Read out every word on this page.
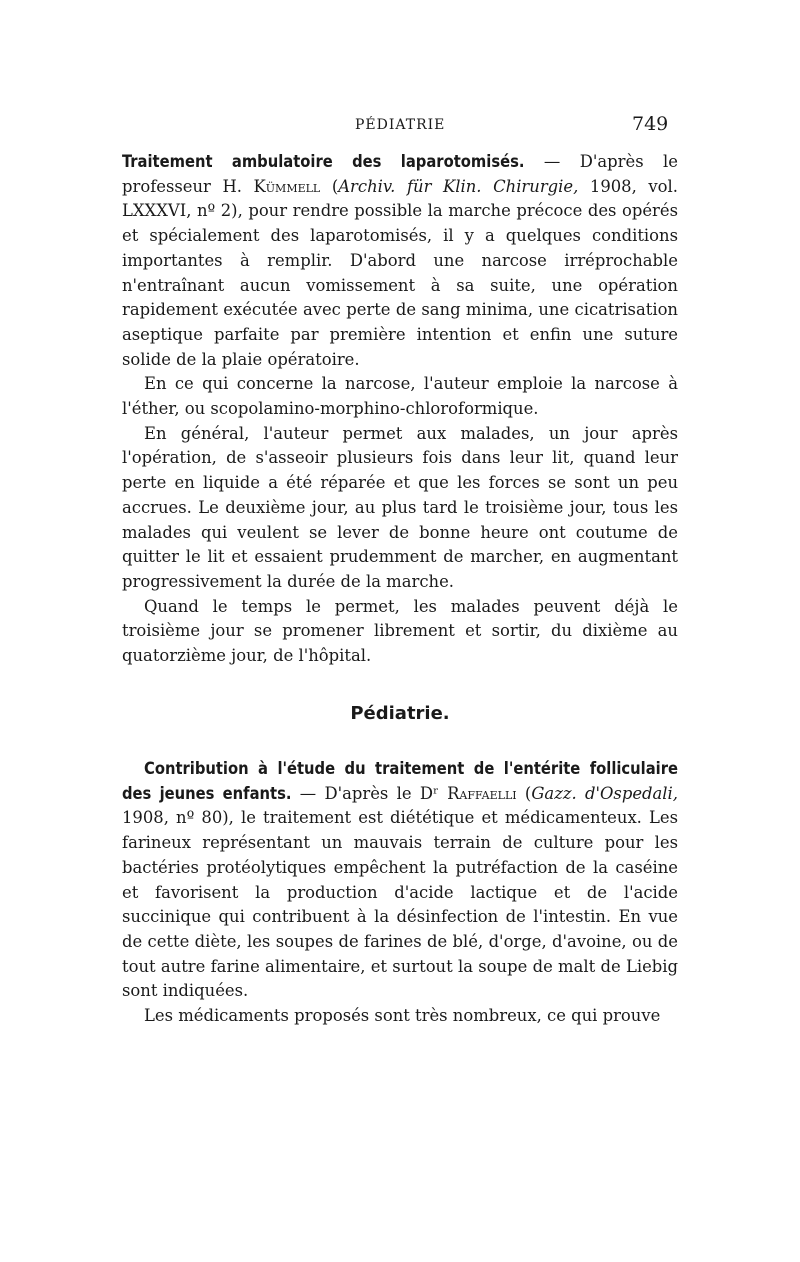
PÉDIATRIE	749

Traitement ambulatoire des laparotomisés. — D'après le professeur H. Kümmell (Archiv. für Klin. Chirurgie, 1908, vol. LXXXVI, nº 2), pour rendre possible la marche précoce des opérés et spécialement des laparotomisés, il y a quelques conditions importantes à remplir. D'abord une narcose irréprochable n'entraînant aucun vomissement à sa suite, une opération rapidement exécutée avec perte de sang minima, une cicatrisation aseptique parfaite par première intention et enfin une suture solide de la plaie opératoire.

En ce qui concerne la narcose, l'auteur emploie la narcose à l'éther, ou scopolamino-morphino-chloroformique.

En général, l'auteur permet aux malades, un jour après l'opération, de s'asseoir plusieurs fois dans leur lit, quand leur perte en liquide a été réparée et que les forces se sont un peu accrues. Le deuxième jour, au plus tard le troisième jour, tous les malades qui veulent se lever de bonne heure ont coutume de quitter le lit et essaient prudemment de marcher, en augmentant progressivement la durée de la marche.

Quand le temps le permet, les malades peuvent déjà le troisième jour se promener librement et sortir, du dixième au quatorzième jour, de l'hôpital.

Pédiatrie.

Contribution à l'étude du traitement de l'entérite folliculaire des jeunes enfants. — D'après le Dʳ Raffaelli (Gazz. d'Ospedali, 1908, nº 80), le traitement est diététique et médicamenteux. Les farineux représentant un mauvais terrain de culture pour les bactéries protéolytiques empêchent la putréfaction de la caséine et favorisent la production d'acide lactique et de l'acide succinique qui contribuent à la désinfection de l'intestin. En vue de cette diète, les soupes de farines de blé, d'orge, d'avoine, ou de tout autre farine alimentaire, et surtout la soupe de malt de Liebig sont indiquées.

Les médicaments proposés sont très nombreux, ce qui prouve
